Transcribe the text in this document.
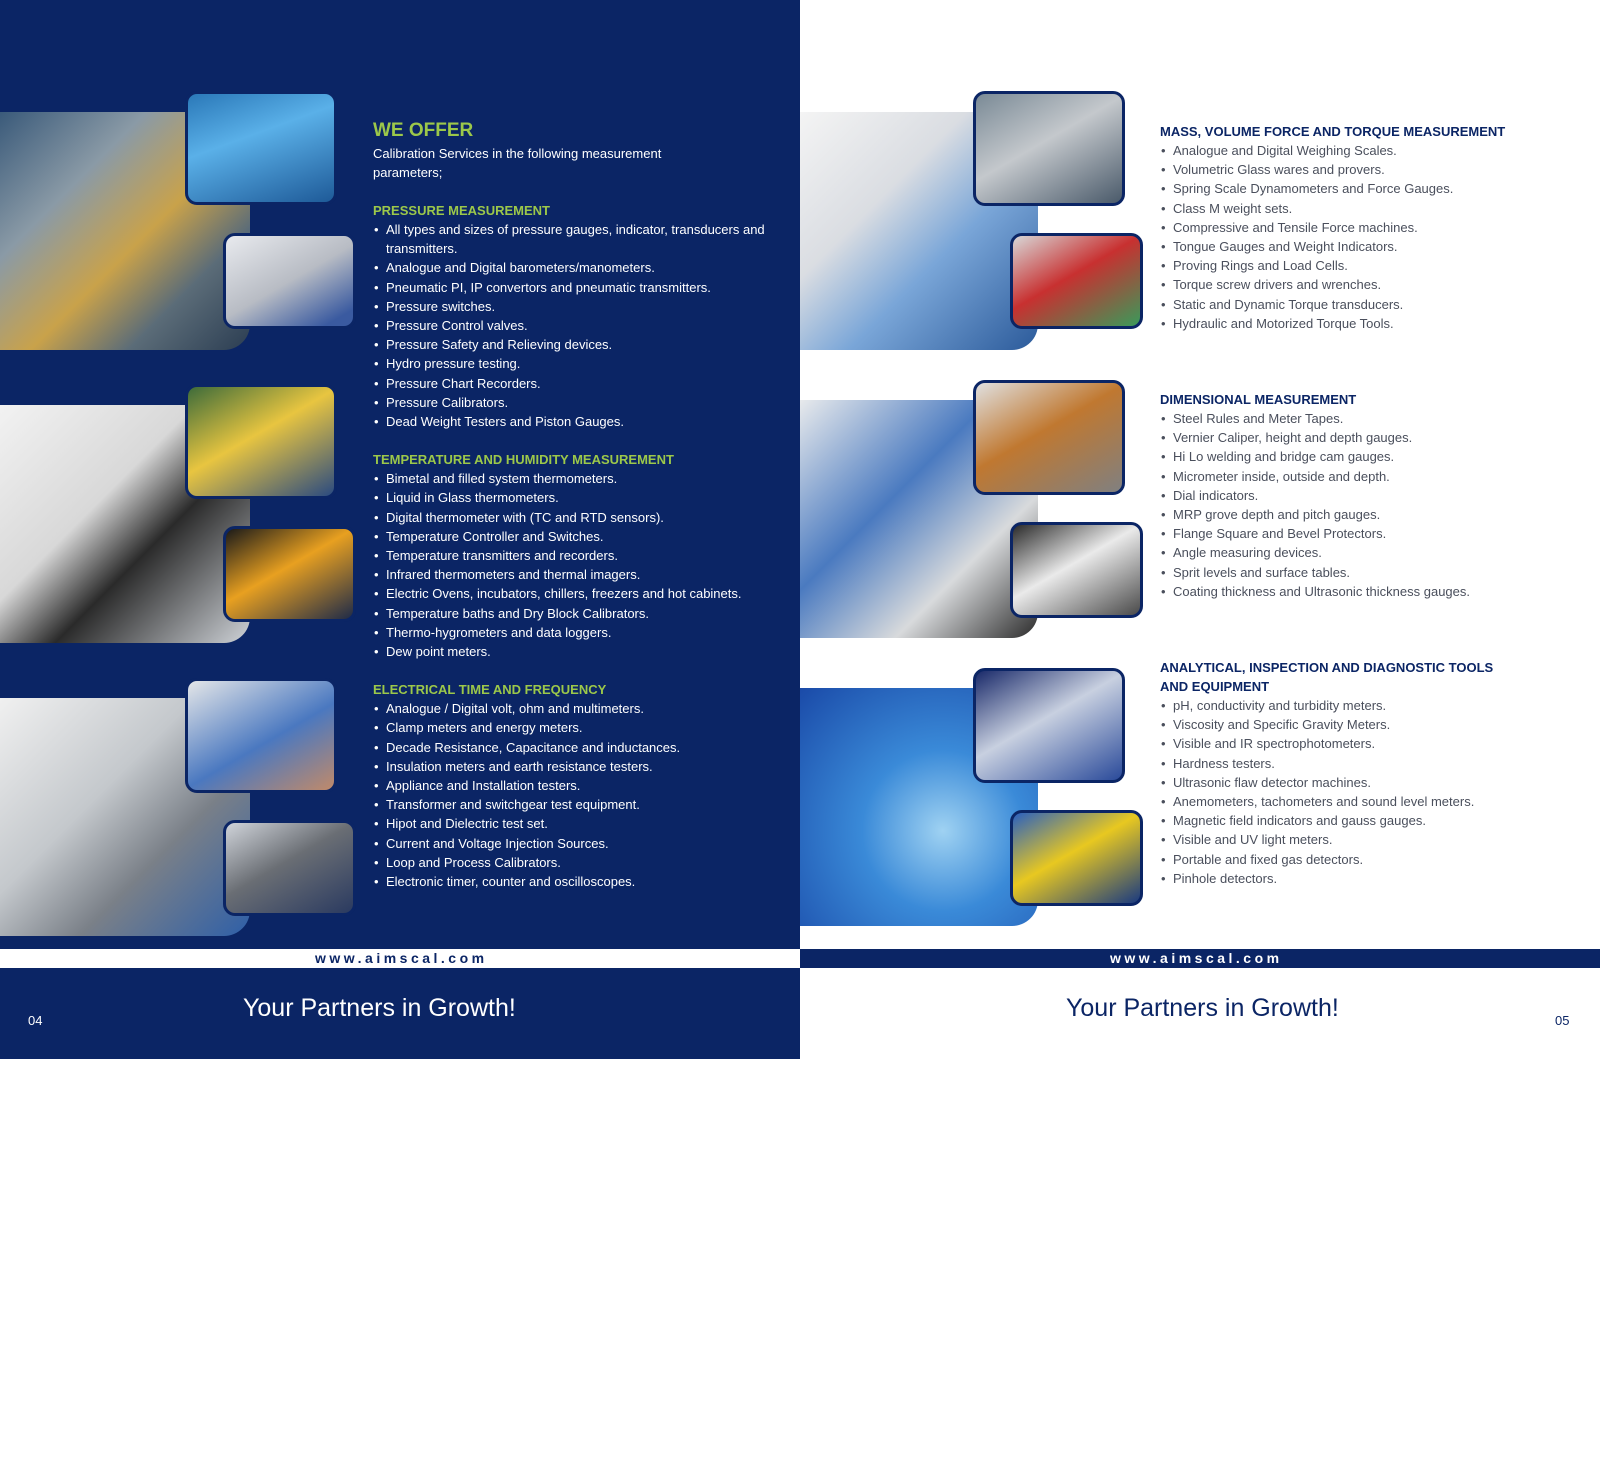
WE OFFER
Calibration Services in the following measurement parameters;
PRESSURE MEASUREMENT
• All types and sizes of pressure gauges, indicator, transducers and transmitters.
• Analogue and Digital barometers/manometers.
• Pneumatic PI, IP convertors and pneumatic transmitters.
• Pressure switches.
• Pressure Control valves.
• Pressure Safety and Relieving devices.
• Hydro pressure testing.
• Pressure Chart Recorders.
• Pressure Calibrators.
• Dead Weight Testers and Piston Gauges.
TEMPERATURE AND HUMIDITY MEASUREMENT
• Bimetal and filled system thermometers.
• Liquid in Glass thermometers.
• Digital thermometer with (TC and RTD sensors).
• Temperature Controller and Switches.
• Temperature transmitters and recorders.
• Infrared thermometers and thermal imagers.
• Electric Ovens, incubators, chillers, freezers and hot cabinets.
• Temperature baths and Dry Block Calibrators.
• Thermo-hygrometers and data loggers.
• Dew point meters.
ELECTRICAL TIME AND FREQUENCY
• Analogue / Digital volt, ohm and multimeters.
• Clamp meters and energy meters.
• Decade Resistance, Capacitance and inductances.
• Insulation meters and earth resistance testers.
• Appliance and Installation testers.
• Transformer and switchgear test equipment.
• Hipot and Dielectric test set.
• Current and Voltage Injection Sources.
• Loop and Process Calibrators.
• Electronic timer, counter and oscilloscopes.
FUV -0.5
MASS, VOLUME FORCE AND TORQUE MEASUREMENT
• Analogue and Digital Weighing Scales.
• Volumetric Glass wares and provers.
• Spring Scale Dynamometers and Force Gauges.
• Class M weight sets.
• Compressive and Tensile Force machines.
• Tongue Gauges and Weight Indicators.
• Proving Rings and Load Cells.
• Torque screw drivers and wrenches.
• Static and Dynamic Torque transducers.
• Hydraulic and Motorized Torque Tools.
DIMENSIONAL MEASUREMENT
• Steel Rules and Meter Tapes.
• Vernier Caliper, height and depth gauges.
• Hi Lo welding and bridge cam gauges.
• Micrometer inside, outside and depth.
• Dial indicators.
• MRP grove depth and pitch gauges.
• Flange Square and Bevel Protectors.
• Angle measuring devices.
• Sprit levels and surface tables.
• Coating thickness and Ultrasonic thickness gauges.
ANALYTICAL, INSPECTION AND DIAGNOSTIC TOOLS AND EQUIPMENT
• pH, conductivity and turbidity meters.
• Viscosity and Specific Gravity Meters.
• Visible and IR spectrophotometers.
• Hardness testers.
• Ultrasonic flaw detector machines.
• Anemometers, tachometers and sound level meters.
• Magnetic field indicators and gauss gauges.
• Visible and UV light meters.
• Portable and fixed gas detectors.
• Pinhole detectors.
www.aimscal.com	www.aimscal.com
Your Partners in Growth!	Your Partners in Growth!
04	05
